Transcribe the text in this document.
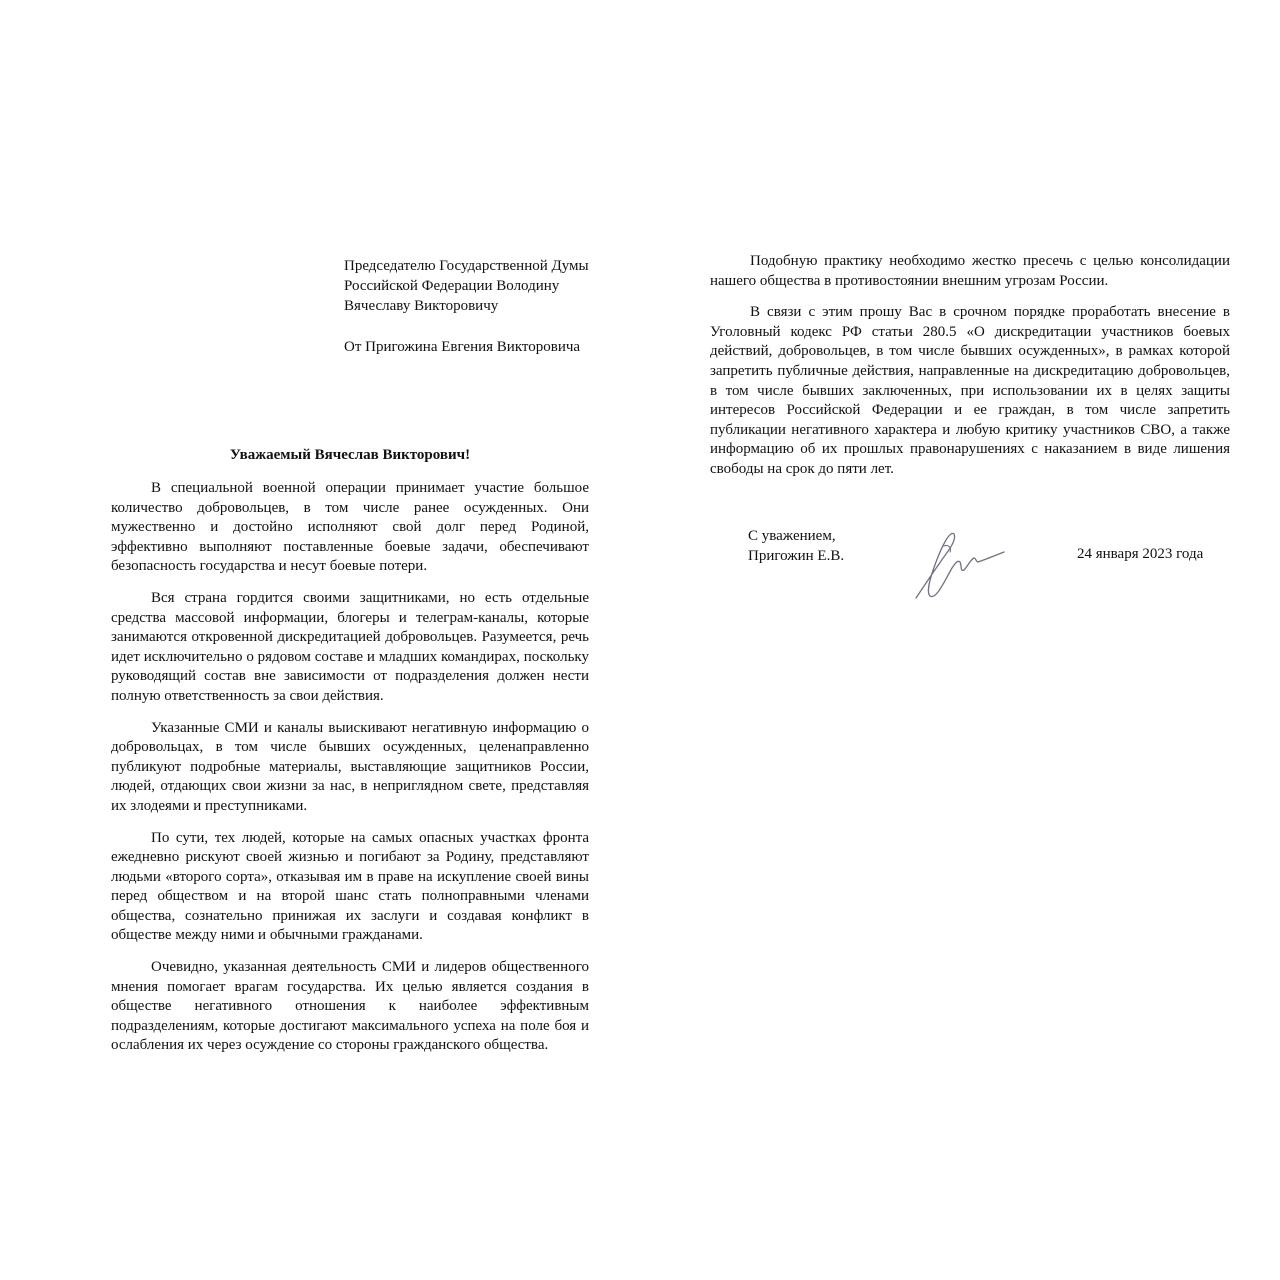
Председателю Государственной Думы
Российской Федерации Володину
Вячеславу Викторовичу
От Пригожина Евгения Викторовича
Уважаемый Вячеслав Викторович!

В специальной военной операции принимает участие большое количество добровольцев, в том числе ранее осужденных. Они мужественно и достойно исполняют свой долг перед Родиной, эффективно выполняют поставленные боевые задачи, обеспечивают безопасность государства и несут боевые потери.

Вся страна гордится своими защитниками, но есть отдельные средства массовой информации, блогеры и телеграм-каналы, которые занимаются откровенной дискредитацией добровольцев. Разумеется, речь идет исключительно о рядовом составе и младших командирах, поскольку руководящий состав вне зависимости от подразделения должен нести полную ответственность за свои действия.

Указанные СМИ и каналы выискивают негативную информацию о добровольцах, в том числе бывших осужденных, целенаправленно публикуют подробные материалы, выставляющие защитников России, людей, отдающих свои жизни за нас, в неприглядном свете, представляя их злодеями и преступниками.

По сути, тех людей, которые на самых опасных участках фронта ежедневно рискуют своей жизнью и погибают за Родину, представляют людьми «второго сорта», отказывая им в праве на искупление своей вины перед обществом и на второй шанс стать полноправными членами общества, сознательно принижая их заслуги и создавая конфликт в обществе между ними и обычными гражданами.

Очевидно, указанная деятельность СМИ и лидеров общественного мнения помогает врагам государства. Их целью является создания в обществе негативного отношения к наиболее эффективным подразделениям, которые достигают максимального успеха на поле боя и ослабления их через осуждение со стороны гражданского общества.

Подобную практику необходимо жестко пресечь с целью консолидации нашего общества в противостоянии внешним угрозам России.

В связи с этим прошу Вас в срочном порядке проработать внесение в Уголовный кодекс РФ статьи 280.5 «О дискредитации участников боевых действий, добровольцев, в том числе бывших осужденных», в рамках которой запретить публичные действия, направленные на дискредитацию добровольцев, в том числе бывших заключенных, при использовании их в целях защиты интересов Российской Федерации и ее граждан, в том числе запретить публикации негативного характера и любую критику участников СВО, а также информацию об их прошлых правонарушениях с наказанием в виде лишения свободы на срок до пяти лет.

С уважением,
Пригожин Е.В.	24 января 2023 года
